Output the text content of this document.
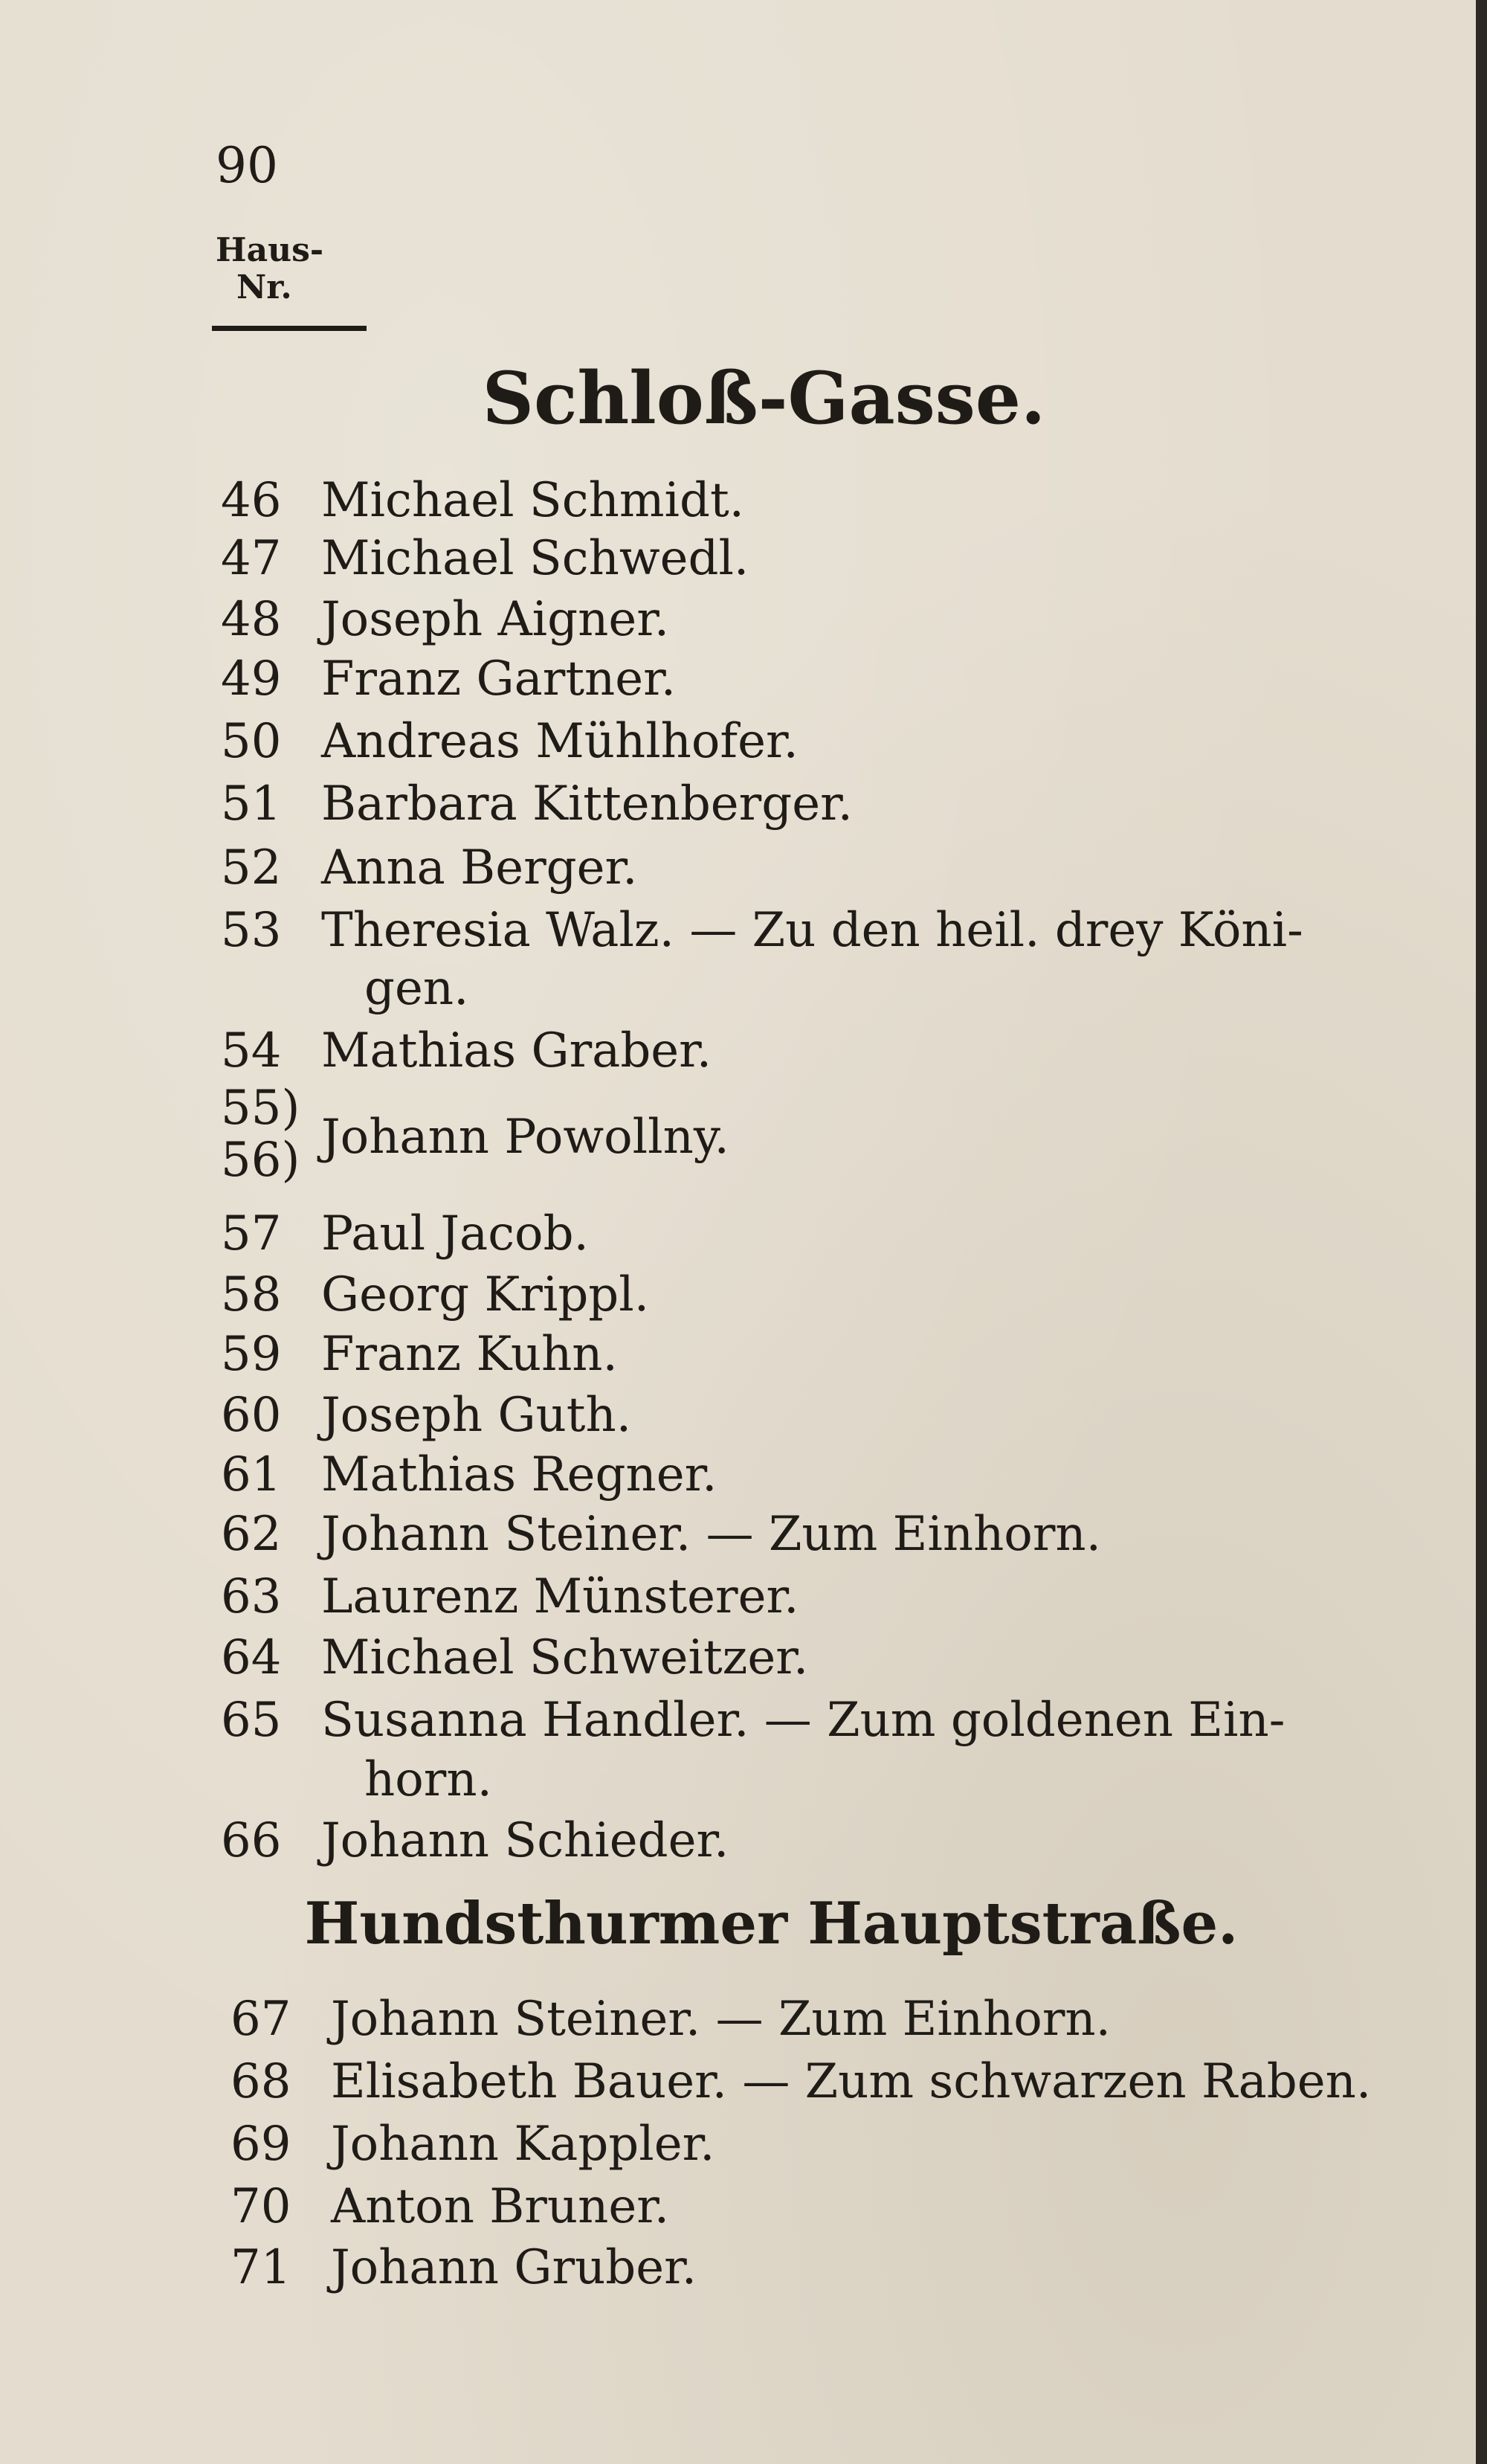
90
Haus-
Nr.
Schloß-Gasse.
46 Michael Schmidt.
47 Michael Schwedl.
48 Joseph Aigner.
49 Franz Gartner.
50 Andreas Mühlhofer.
51 Barbara Kittenberger.
52 Anna Berger.
53 Theresia Walz. — Zu den heil. drey Köni-
gen.
54 Mathias Graber.
55)
56) Johann Powollny.
57 Paul Jacob.
58 Georg Krippl.
59 Franz Kuhn.
60 Joseph Guth.
61 Mathias Regner.
62 Johann Steiner. — Zum Einhorn.
63 Laurenz Münsterer.
64 Michael Schweitzer.
65 Susanna Handler. — Zum goldenen Ein-
horn.
66 Johann Schieder.
Hundsthurmer Hauptstraße.
67 Johann Steiner. — Zum Einhorn.
68 Elisabeth Bauer. — Zum schwarzen Raben.
69 Johann Kappler.
70 Anton Bruner.
71 Johann Gruber.
